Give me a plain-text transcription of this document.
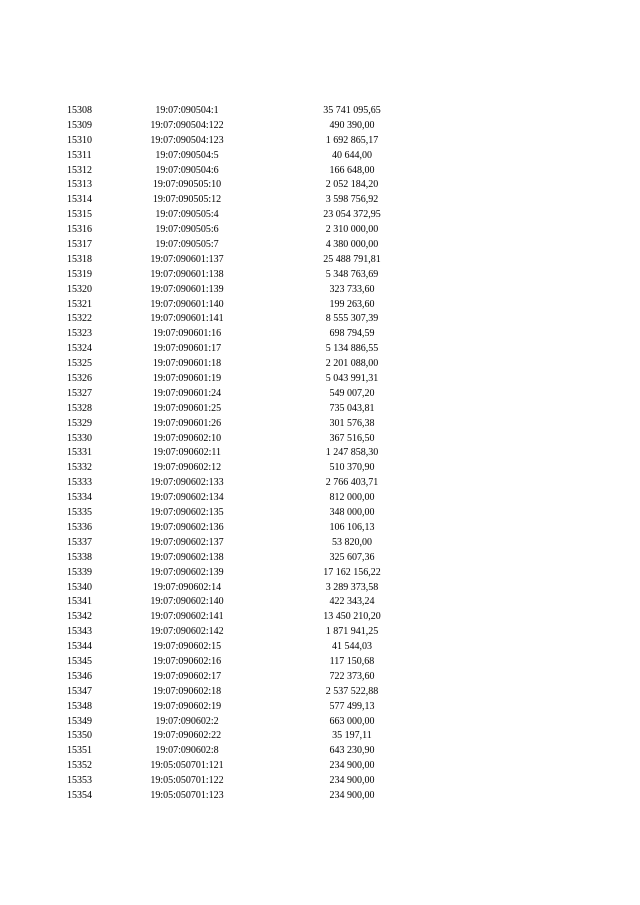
15308	19:07:090504:1	35 741 095,65
15309	19:07:090504:122	490 390,00
15310	19:07:090504:123	1 692 865,17
15311	19:07:090504:5	40 644,00
15312	19:07:090504:6	166 648,00
15313	19:07:090505:10	2 052 184,20
15314	19:07:090505:12	3 598 756,92
15315	19:07:090505:4	23 054 372,95
15316	19:07:090505:6	2 310 000,00
15317	19:07:090505:7	4 380 000,00
15318	19:07:090601:137	25 488 791,81
15319	19:07:090601:138	5 348 763,69
15320	19:07:090601:139	323 733,60
15321	19:07:090601:140	199 263,60
15322	19:07:090601:141	8 555 307,39
15323	19:07:090601:16	698 794,59
15324	19:07:090601:17	5 134 886,55
15325	19:07:090601:18	2 201 088,00
15326	19:07:090601:19	5 043 991,31
15327	19:07:090601:24	549 007,20
15328	19:07:090601:25	735 043,81
15329	19:07:090601:26	301 576,38
15330	19:07:090602:10	367 516,50
15331	19:07:090602:11	1 247 858,30
15332	19:07:090602:12	510 370,90
15333	19:07:090602:133	2 766 403,71
15334	19:07:090602:134	812 000,00
15335	19:07:090602:135	348 000,00
15336	19:07:090602:136	106 106,13
15337	19:07:090602:137	53 820,00
15338	19:07:090602:138	325 607,36
15339	19:07:090602:139	17 162 156,22
15340	19:07:090602:14	3 289 373,58
15341	19:07:090602:140	422 343,24
15342	19:07:090602:141	13 450 210,20
15343	19:07:090602:142	1 871 941,25
15344	19:07:090602:15	41 544,03
15345	19:07:090602:16	117 150,68
15346	19:07:090602:17	722 373,60
15347	19:07:090602:18	2 537 522,88
15348	19:07:090602:19	577 499,13
15349	19:07:090602:2	663 000,00
15350	19:07:090602:22	35 197,11
15351	19:07:090602:8	643 230,90
15352	19:05:050701:121	234 900,00
15353	19:05:050701:122	234 900,00
15354	19:05:050701:123	234 900,00
